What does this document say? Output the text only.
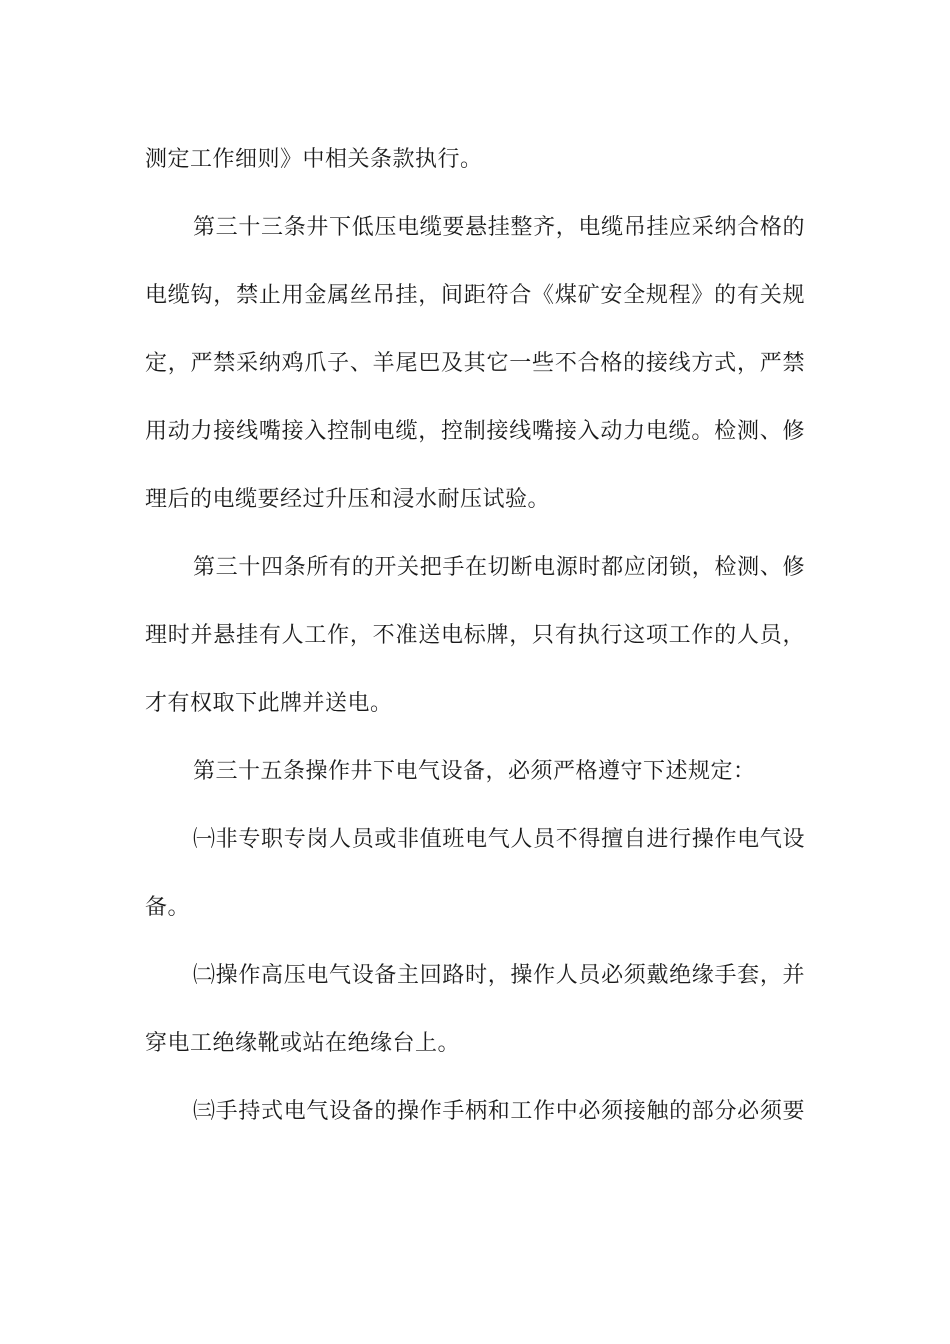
测定工作细则》中相关条款执行。
第三十三条井下低压电缆要悬挂整齐，电缆吊挂应采纳合格的
电缆钩，禁止用金属丝吊挂，间距符合《煤矿安全规程》的有关规
定，严禁采纳鸡爪子、羊尾巴及其它一些不合格的接线方式，严禁
用动力接线嘴接入控制电缆，控制接线嘴接入动力电缆。检测、修
理后的电缆要经过升压和浸水耐压试验。
第三十四条所有的开关把手在切断电源时都应闭锁，检测、修
理时并悬挂有人工作，不准送电标牌，只有执行这项工作的人员，
才有权取下此牌并送电。
第三十五条操作井下电气设备，必须严格遵守下述规定：
㈠非专职专岗人员或非值班电气人员不得擅自进行操作电气设
备。
㈡操作高压电气设备主回路时，操作人员必须戴绝缘手套，并
穿电工绝缘靴或站在绝缘台上。
㈢手持式电气设备的操作手柄和工作中必须接触的部分必须要
